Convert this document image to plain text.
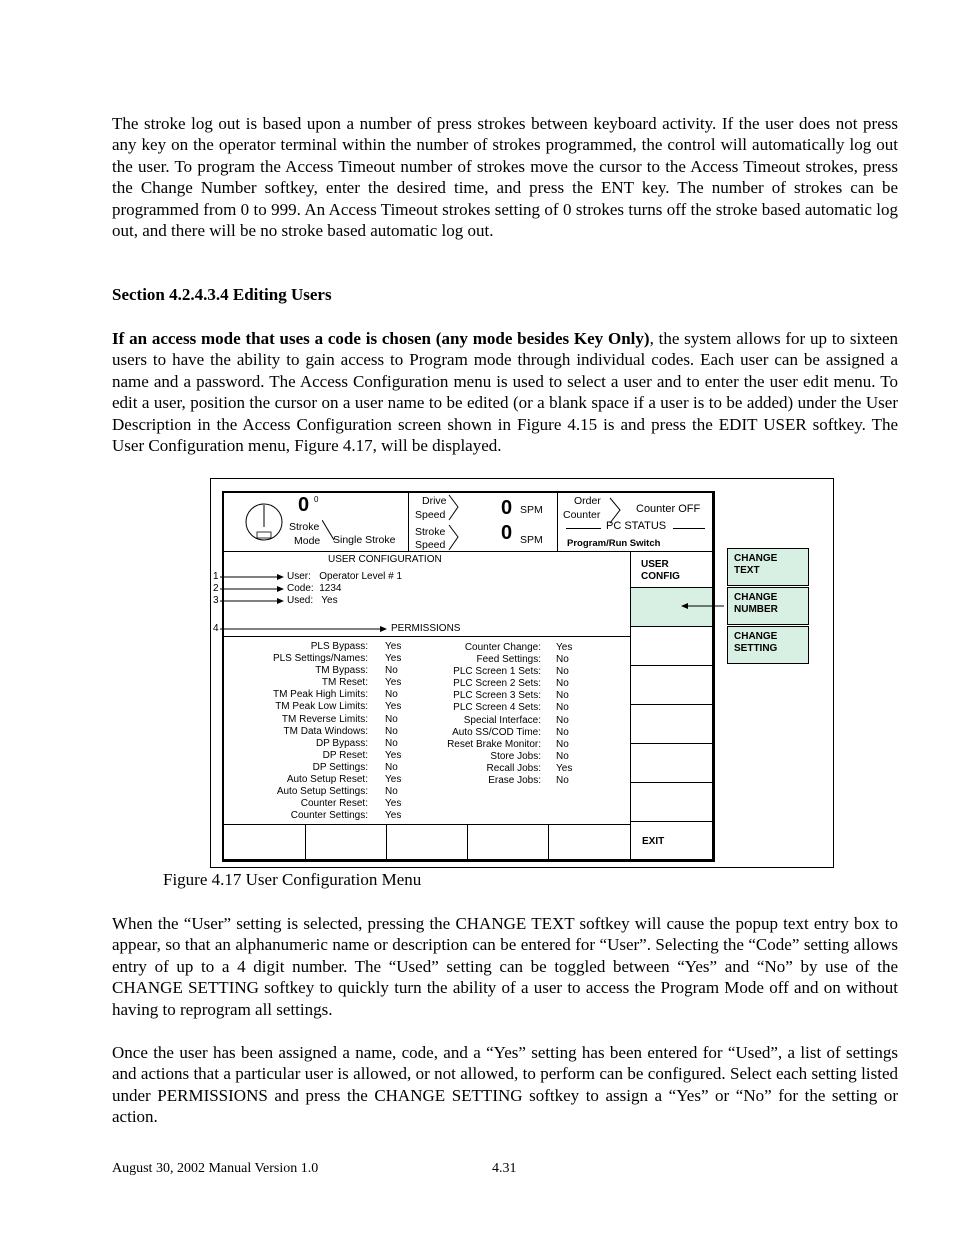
The stroke log out is based upon a number of press strokes between keyboard activity. If the user does not press any key on the operator terminal within the number of strokes programmed, the control will automatically log out the user. To program the Access Timeout number of strokes move the cursor to the Access Timeout strokes, press the Change Number softkey, enter the desired time, and press the ENT key. The number of strokes can be programmed from 0 to 999. An Access Timeout strokes setting of 0 strokes turns off the stroke based automatic log out, and there will be no stroke based automatic log out.

Section 4.2.4.3.4 Editing Users

If an access mode that uses a code is chosen (any mode besides Key Only), the system allows for up to sixteen users to have the ability to gain access to Program mode through individual codes. Each user can be assigned a name and a password. The Access Configuration menu is used to select a user and to enter the user edit menu. To edit a user, position the cursor on a user name to be edited (or a blank space if a user is to be added) under the User Description in the Access Configuration screen shown in Figure 4.15 is and press the EDIT USER softkey. The User Configuration menu, Figure 4.17, will be displayed.

0 0
Stroke
Mode Single Stroke
Drive
Speed
Stroke
Speed
0 SPM
0 SPM
Order
Counter	Counter OFF
PC STATUS
Program/Run Switch
USER CONFIGURATION
1
2
3
4
User: Operator Level # 1
Code: 1234
Used: Yes
PERMISSIONS
PLS Bypass:
PLS Settings/Names:
TM Bypass:
TM Reset:
TM Peak High Limits:
TM Peak Low Limits:
TM Reverse Limits:
TM Data Windows:
DP Bypass:
DP Reset:
DP Settings:
Auto Setup Reset:
Auto Setup Settings:
Counter Reset:
Counter Settings:
Yes
Yes
No
Yes
No
Yes
No
No
No
Yes
No
Yes
No
Yes
Yes
Counter Change:
Feed Settings:
PLC Screen 1 Sets:
PLC Screen 2 Sets:
PLC Screen 3 Sets:
PLC Screen 4 Sets:
Special Interface:
Auto SS/COD Time:
Reset Brake Monitor:
Store Jobs:
Recall Jobs:
Erase Jobs:
Yes
No
No
No
No
No
No
No
No
No
Yes
No
USER
CONFIG
EXIT
CHANGE
TEXT
CHANGE
NUMBER
CHANGE
SETTING

Figure 4.17 User Configuration Menu

When the “User” setting is selected, pressing the CHANGE TEXT softkey will cause the popup text entry box to appear, so that an alphanumeric name or description can be entered for “User”. Selecting the “Code” setting allows entry of up to a 4 digit number. The “Used” setting can be toggled between “Yes” and “No” by use of the CHANGE SETTING softkey to quickly turn the ability of a user to access the Program Mode off and on without having to reprogram all settings.

Once the user has been assigned a name, code, and a “Yes” setting has been entered for “Used”, a list of settings and actions that a particular user is allowed, or not allowed, to perform can be configured. Select each setting listed under PERMISSIONS and press the CHANGE SETTING softkey to assign a “Yes” or “No” for the setting or action.

August 30, 2002 Manual Version 1.0	4.31
